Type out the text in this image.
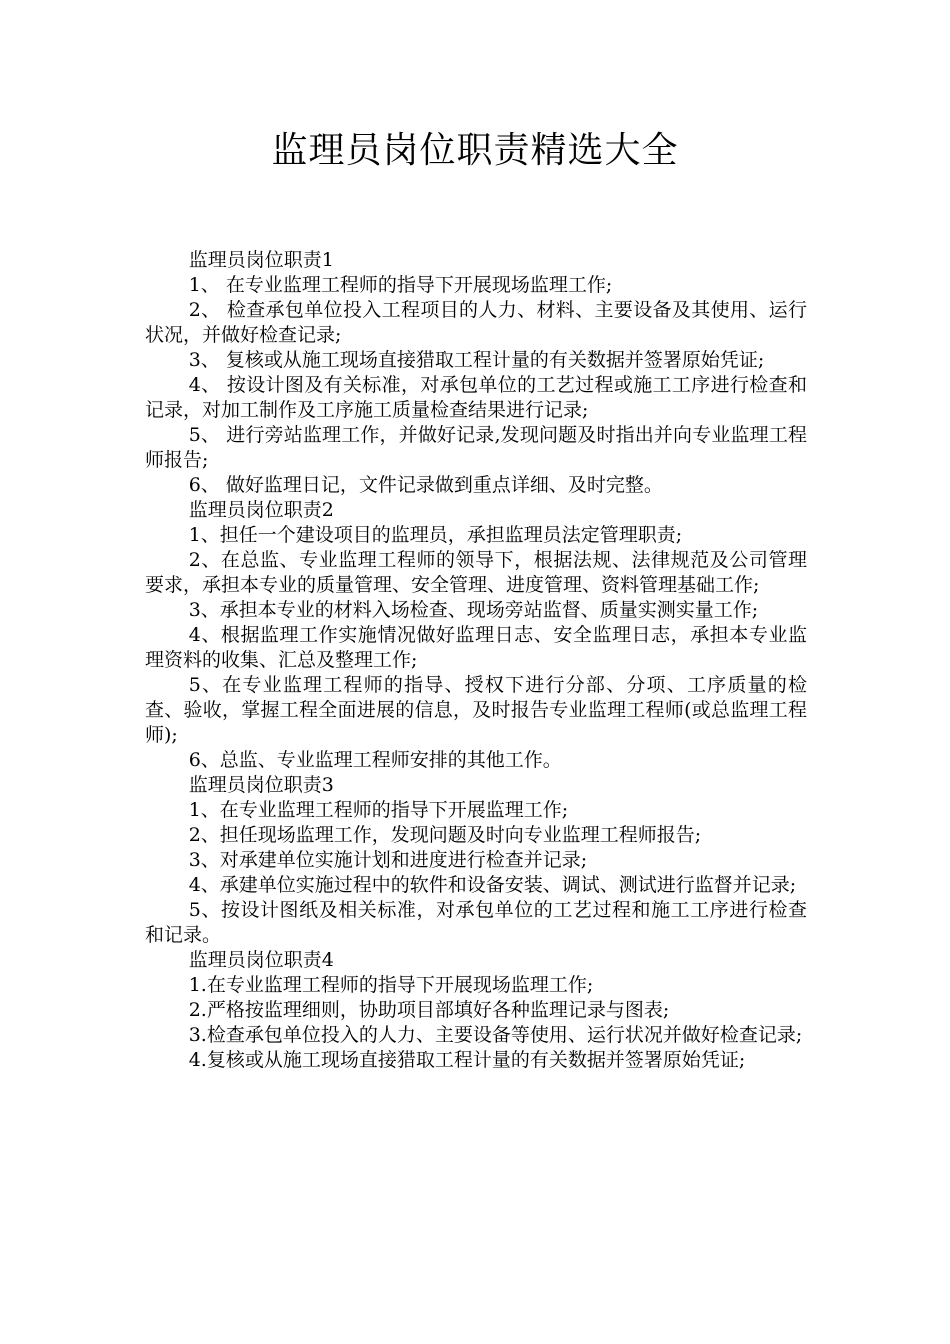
监理员岗位职责精选大全

监理员岗位职责1

1、 在专业监理工程师的指导下开展现场监理工作;

2、 检查承包单位投入工程项目的人力、材料、主要设备及其使用、运行状况，并做好检查记录;

3、 复核或从施工现场直接猎取工程计量的有关数据并签署原始凭证;

4、 按设计图及有关标准，对承包单位的工艺过程或施工工序进行检查和记录，对加工制作及工序施工质量检查结果进行记录;

5、 进行旁站监理工作，并做好记录,发现问题及时指出并向专业监理工程师报告;

6、 做好监理日记，文件记录做到重点详细、及时完整。

监理员岗位职责2

1、担任一个建设项目的监理员，承担监理员法定管理职责;

2、在总监、专业监理工程师的领导下，根据法规、法律规范及公司管理要求，承担本专业的质量管理、安全管理、进度管理、资料管理基础工作;

3、承担本专业的材料入场检查、现场旁站监督、质量实测实量工作;

4、根据监理工作实施情况做好监理日志、安全监理日志，承担本专业监理资料的收集、汇总及整理工作;

5、在专业监理工程师的指导、授权下进行分部、分项、工序质量的检查、验收，掌握工程全面进展的信息，及时报告专业监理工程师(或总监理工程师);

6、总监、专业监理工程师安排的其他工作。

监理员岗位职责3

1、在专业监理工程师的指导下开展监理工作;

2、担任现场监理工作，发现问题及时向专业监理工程师报告;

3、对承建单位实施计划和进度进行检查并记录;

4、承建单位实施过程中的软件和设备安装、调试、测试进行监督并记录;

5、按设计图纸及相关标准，对承包单位的工艺过程和施工工序进行检查和记录。

监理员岗位职责4

1.在专业监理工程师的指导下开展现场监理工作;

2.严格按监理细则，协助项目部填好各种监理记录与图表;

3.检查承包单位投入的人力、主要设备等使用、运行状况并做好检查记录;

4.复核或从施工现场直接猎取工程计量的有关数据并签署原始凭证;
